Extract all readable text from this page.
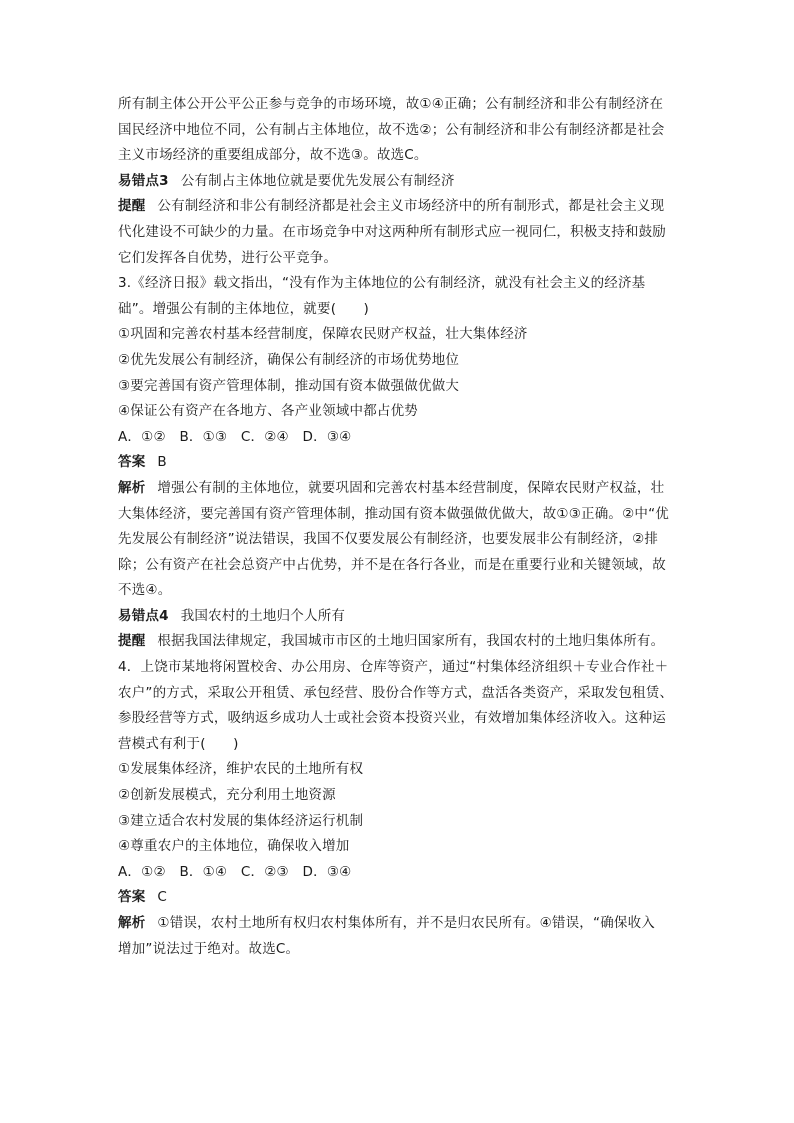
所有制主体公开公平公正参与竞争的市场环境，故①④正确；公有制经济和非公有制经济在
国民经济中地位不同，公有制占主体地位，故不选②；公有制经济和非公有制经济都是社会
主义市场经济的重要组成部分，故不选③。故选C。
易错点3 公有制占主体地位就是要优先发展公有制经济
提醒 公有制经济和非公有制经济都是社会主义市场经济中的所有制形式，都是社会主义现
代化建设不可缺少的力量。在市场竞争中对这两种所有制形式应一视同仁，积极支持和鼓励
它们发挥各自优势，进行公平竞争。
3.《经济日报》载文指出，“没有作为主体地位的公有制经济，就没有社会主义的经济基
础”。增强公有制的主体地位，就要(　　)
①巩固和完善农村基本经营制度，保障农民财产权益，壮大集体经济
②优先发展公有制经济，确保公有制经济的市场优势地位
③要完善国有资产管理体制，推动国有资本做强做优做大
④保证公有资产在各地方、各产业领域中都占优势
A．①②　B．①③　C．②④　D．③④
答案 B
解析 增强公有制的主体地位，就要巩固和完善农村基本经营制度，保障农民财产权益，壮
大集体经济，要完善国有资产管理体制，推动国有资本做强做优做大，故①③正确。②中“优
先发展公有制经济”说法错误，我国不仅要发展公有制经济，也要发展非公有制经济，②排
除；公有资产在社会总资产中占优势，并不是在各行各业，而是在重要行业和关键领域，故
不选④。
易错点4 我国农村的土地归个人所有
提醒 根据我国法律规定，我国城市市区的土地归国家所有，我国农村的土地归集体所有。
4．上饶市某地将闲置校舍、办公用房、仓库等资产，通过“村集体经济组织＋专业合作社＋
农户”的方式，采取公开租赁、承包经营、股份合作等方式，盘活各类资产，采取发包租赁、
参股经营等方式，吸纳返乡成功人士或社会资本投资兴业，有效增加集体经济收入。这种运
营模式有利于(　　)
①发展集体经济，维护农民的土地所有权
②创新发展模式，充分利用土地资源
③建立适合农村发展的集体经济运行机制
④尊重农户的主体地位，确保收入增加
A．①②　B．①④　C．②③　D．③④
答案 C
解析 ①错误，农村土地所有权归农村集体所有，并不是归农民所有。④错误，“确保收入
增加”说法过于绝对。故选C。
